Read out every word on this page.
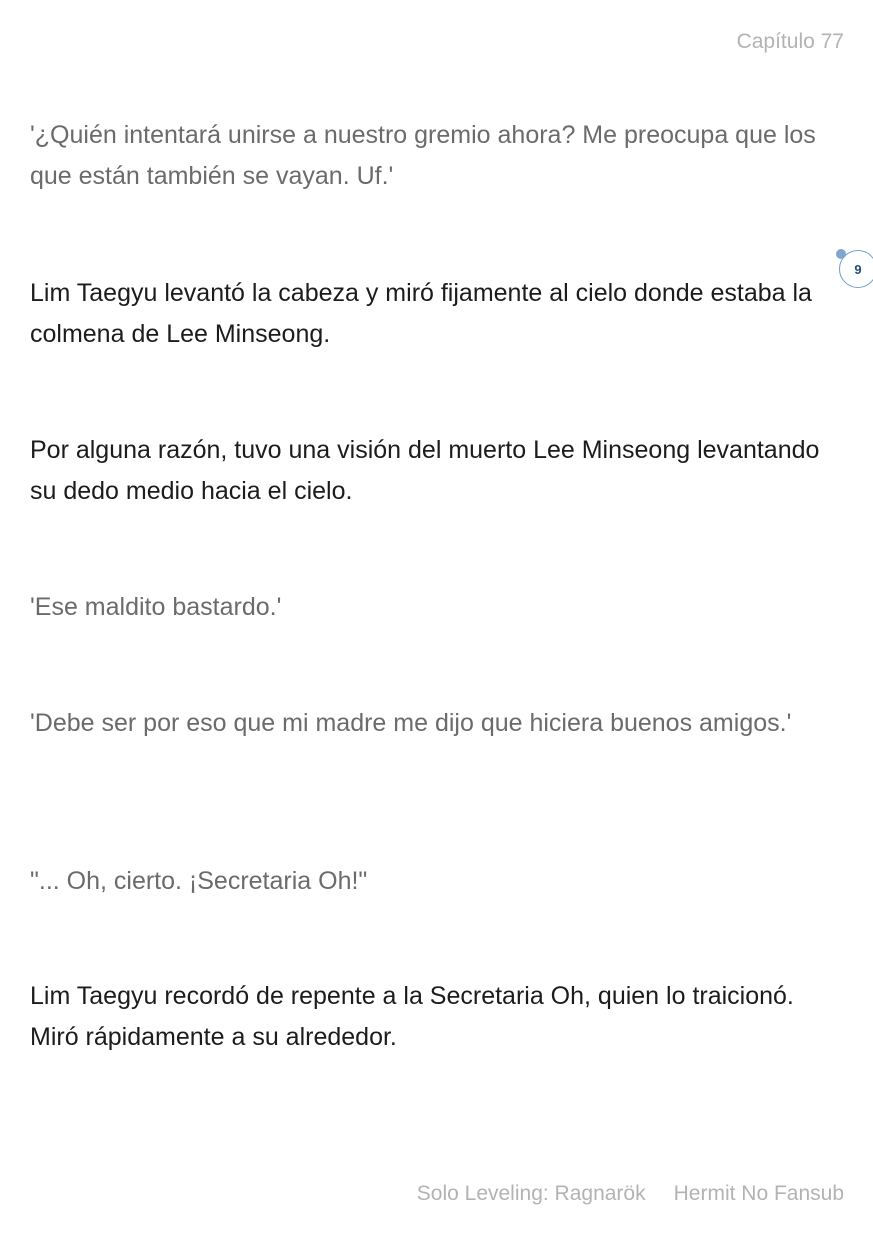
Capítulo 77
9

'¿Quién intentará unirse a nuestro gremio ahora? Me preocupa que los que están también se vayan. Uf.'

Lim Taegyu levantó la cabeza y miró fijamente al cielo donde estaba la colmena de Lee Minseong.

Por alguna razón, tuvo una visión del muerto Lee Minseong levantando su dedo medio hacia el cielo.

'Ese maldito bastardo.'

'Debe ser por eso que mi madre me dijo que hiciera buenos amigos.'

"... Oh, cierto. ¡Secretaria Oh!"

Lim Taegyu recordó de repente a la Secretaria Oh, quien lo traicionó. Miró rápidamente a su alrededor.

Solo Leveling: Ragnarök Hermit No Fansub
